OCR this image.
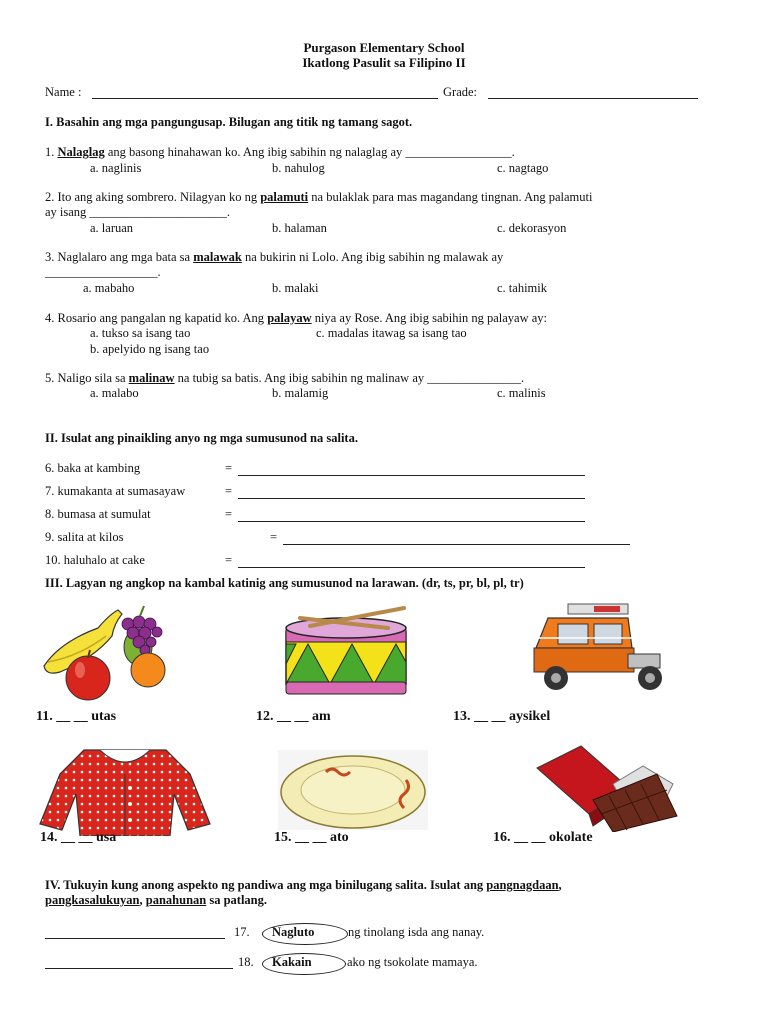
Purgason Elementary School
Ikatlong Pasulit sa Filipino II
Name :	Grade:
I. Basahin ang mga pangungusap. Bilugan ang titik ng tamang sagot.
1. Nalaglag ang basong hinahawan ko. Ang ibig sabihin ng nalaglag ay _________________.
a. naglinis	b. nahulog	c. nagtago
2. Ito ang aking sombrero. Nilagyan ko ng palamuti na bulaklak para mas magandang tingnan. Ang palamuti
ay isang ______________________.
a. laruan	b. halaman	c. dekorasyon
3. Naglalaro ang mga bata sa malawak na bukirin ni Lolo. Ang ibig sabihin ng malawak ay
__________________.
a. mabaho	b. malaki	c. tahimik
4. Rosario ang pangalan ng kapatid ko. Ang palayaw niya ay Rose. Ang ibig sabihin ng palayaw ay:
a. tukso sa isang tao	c. madalas itawag sa isang tao
b. apelyido ng isang tao
5. Naligo sila sa malinaw na tubig sa batis. Ang ibig sabihin ng malinaw ay _______________.
a. malabo	b. malamig	c. malinis
II. Isulat ang pinaikling anyo ng mga sumusunod na salita.
6. baka at kambing	=
7. kumakanta at sumasayaw	=
8. bumasa at sumulat	=
9. salita at kilos	=
10. haluhalo at cake	=
III. Lagyan ng angkop na kambal katinig ang sumusunod na larawan. (dr, ts, pr, bl, pl, tr)
11. __ __ utas	12. __ __ am	13. __ __ aysikel
14. __ __ usa	15. __ __ ato	16. __ __ okolate
IV. Tukuyin kung anong aspekto ng pandiwa ang mga binilugang salita. Isulat ang pangnagdaan,
pangkasalukuyan, panahunan sa patlang.
17. Nagluto	ng tinolang isda ang nanay.
18. Kakain	ako ng tsokolate mamaya.
